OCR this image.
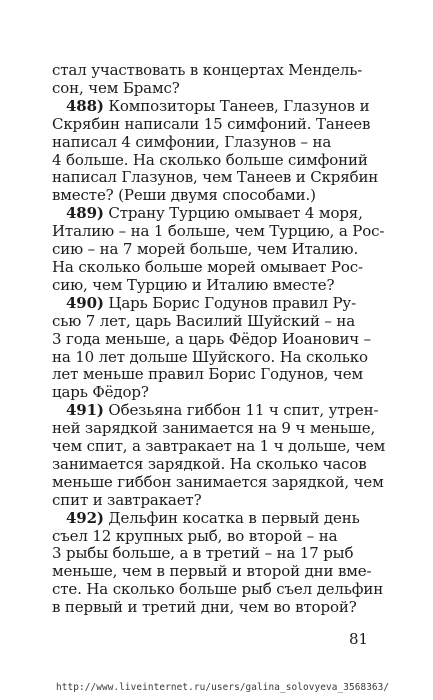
стал участвовать в концертах Мендель-
сон, чем Брамс?
488) Композиторы Танеев, Глазунов и
Скрябин написали 15 симфоний. Танеев
написал 4 симфонии, Глазунов – на
4 больше. На сколько больше симфоний
написал Глазунов, чем Танеев и Скрябин
вместе? (Реши двумя способами.)
489) Страну Турцию омывает 4 моря,
Италию – на 1 больше, чем Турцию, а Рос-
сию – на 7 морей больше, чем Италию.
На сколько больше морей омывает Рос-
сию, чем Турцию и Италию вместе?
490) Царь Борис Годунов правил Ру-
сью 7 лет, царь Василий Шуйский – на
3 года меньше, а царь Фёдор Иоанович –
на 10 лет дольше Шуйского. На сколько
лет меньше правил Борис Годунов, чем
царь Фёдор?
491) Обезьяна гиббон 11 ч спит, утрен-
ней зарядкой занимается на 9 ч меньше,
чем спит, а завтракает на 1 ч дольше, чем
занимается зарядкой. На сколько часов
меньше гиббон занимается зарядкой, чем
спит и завтракает?
492) Дельфин косатка в первый день
съел 12 крупных рыб, во второй – на
3 рыбы больше, а в третий – на 17 рыб
меньше, чем в первый и второй дни вме-
сте. На сколько больше рыб съел дельфин
в первый и третий дни, чем во второй?
81
http://www.liveinternet.ru/users/galina_solovyeva_3568363/
